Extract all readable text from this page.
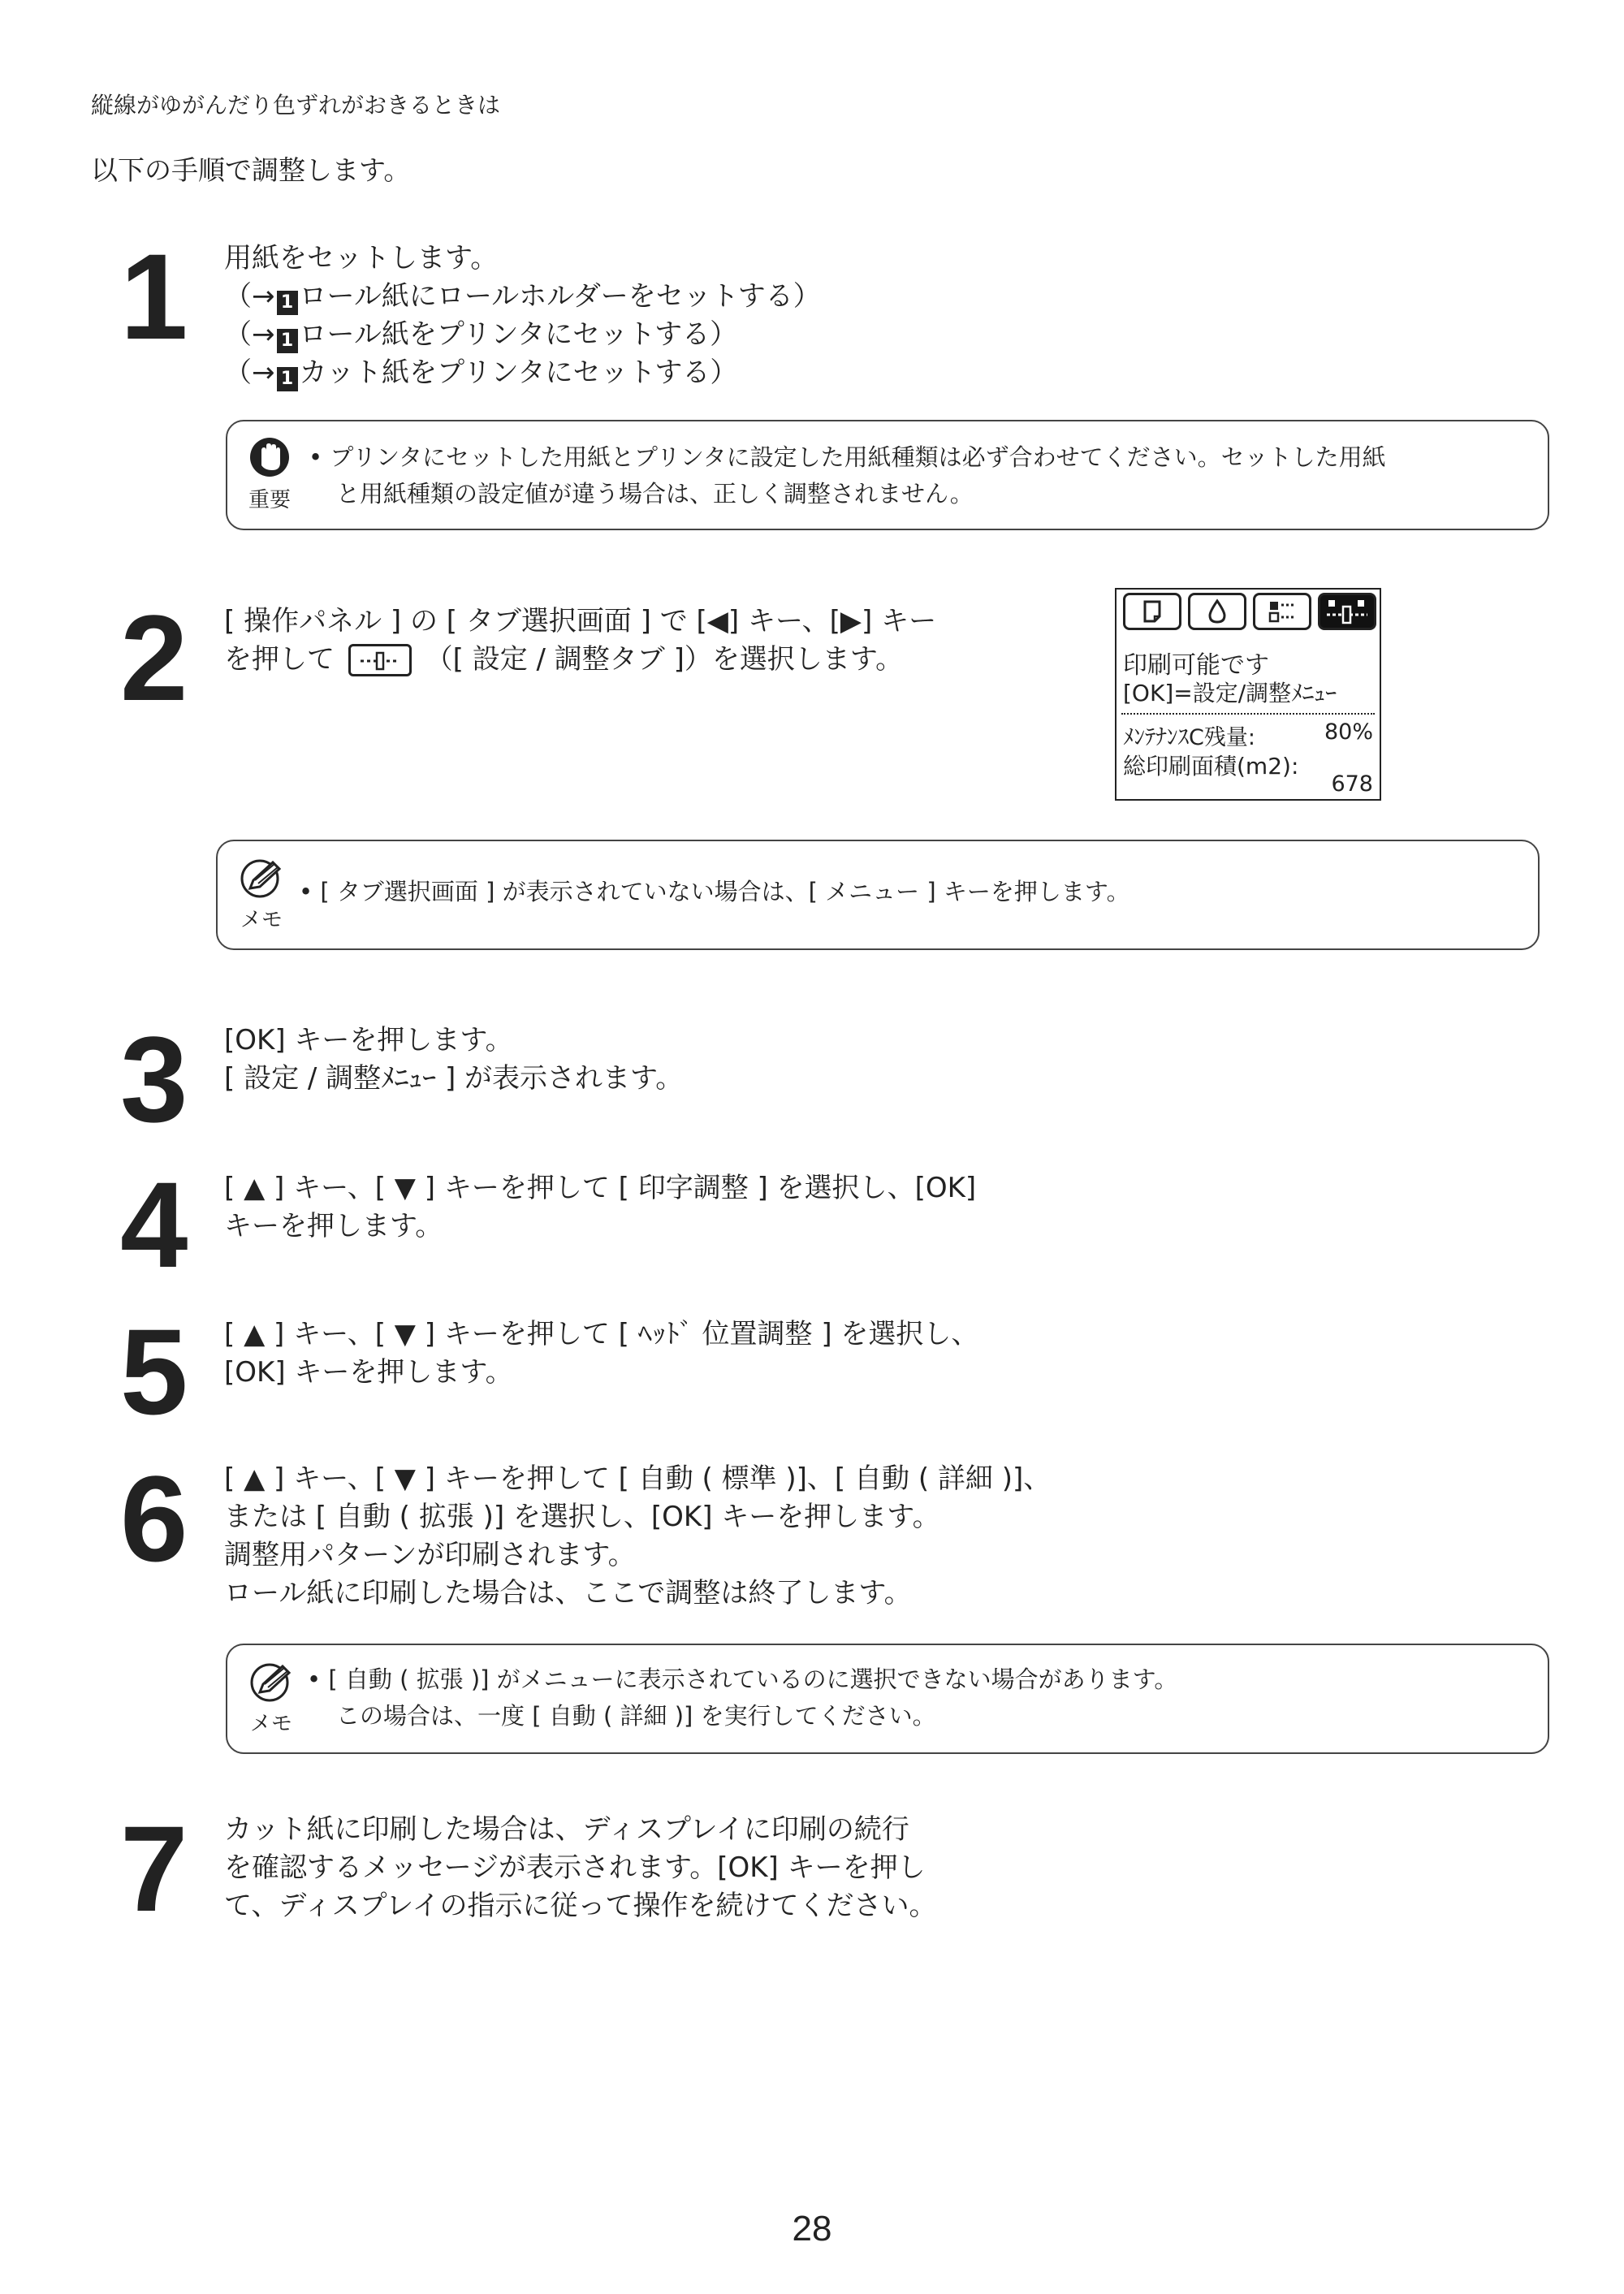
縦線がゆがんだり色ずれがおきるときは
以下の手順で調整します。
1 用紙をセットします。
（→ 1 ロール紙にロールホルダーをセットする）
（→ 1 ロール紙をプリンタにセットする）
（→ 1 カット紙をプリンタにセットする）
重要
• プリンタにセットした用紙とプリンタに設定した用紙種類は必ず合わせてください。セットした用紙
と用紙種類の設定値が違う場合は、正しく調整されません。
2 [ 操作パネル ] の [ タブ選択画面 ] で [◀] キー、[▶] キー
を押して	（[ 設定 / 調整タブ ]）を選択します。	印刷可能です
[OK]=設定/調整ﾒﾆｭｰ
ﾒﾝﾃﾅﾝｽC残量:	80%
総印刷面積(m2):
678
メモ
• [ タブ選択画面 ] が表示されていない場合は、[ メニュー ] キーを押します。
3 [OK] キーを押します。
[ 設定 / 調整ﾒﾆｭｰ ] が表示されます。
4 [ ▲ ] キー、[ ▼ ] キーを押して [ 印字調整 ] を選択し、[OK]
キーを押します。
5 [ ▲ ] キー、[ ▼ ] キーを押して [ ﾍｯﾄﾞ 位置調整 ] を選択し、
[OK] キーを押します。
6 [ ▲ ] キー、[ ▼ ] キーを押して [ 自動 ( 標準 )]、[ 自動 ( 詳細 )]、
または [ 自動 ( 拡張 )] を選択し、[OK] キーを押します。
調整用パターンが印刷されます。
ロール紙に印刷した場合は、ここで調整は終了します。
メモ
• [ 自動 ( 拡張 )] がメニューに表示されているのに選択できない場合があります。
この場合は、一度 [ 自動 ( 詳細 )] を実行してください。
7 カット紙に印刷した場合は、ディスプレイに印刷の続行
を確認するメッセージが表示されます。[OK] キーを押し
て、ディスプレイの指示に従って操作を続けてください。
28
